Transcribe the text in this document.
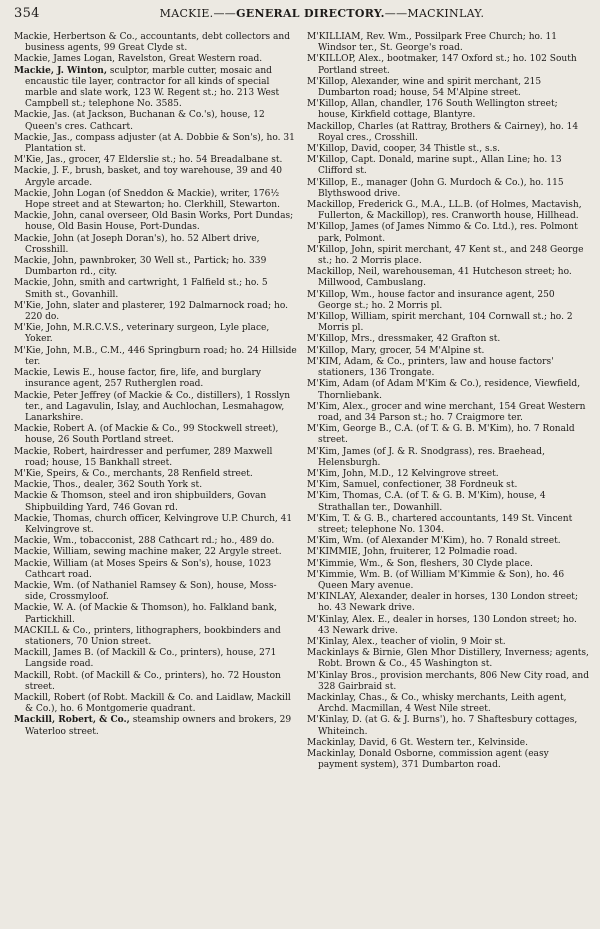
354	MACKIE.——GENERAL DIRECTORY.——MACKINLAY.

Mackie, Herbertson & Co., accountants, debt collectors and business agents, 99 Great Clyde st.

Mackie, James Logan, Ravelston, Great Western road.

Mackie, J. Winton, sculptor, marble cutter, mosaic and encaustic tile layer, contractor for all kinds of special marble and slate work, 123 W. Regent st.; ho. 213 West Campbell st.; telephone No. 3585.

Mackie, Jas. (at Jackson, Buchanan & Co.'s), house, 12 Queen's cres. Cathcart.

Mackie, Jas., compass adjuster (at A. Dobbie & Son's), ho. 31 Plantation st.

M'Kie, Jas., grocer, 47 Elderslie st.; ho. 54 Breadalbane st.

Mackie, J. F., brush, basket, and toy warehouse, 39 and 40 Argyle arcade.

Mackie, John Logan (of Sneddon & Mackie), writer, 176½ Hope street and at Stewarton; ho. Clerkhill, Stewarton.

Mackie, John, canal overseer, Old Basin Works, Port Dundas; house, Old Basin House, Port-Dundas.

Mackie, John (at Joseph Doran's), ho. 52 Albert drive, Crosshill.

Mackie, John, pawnbroker, 30 Well st., Partick; ho. 339 Dumbarton rd., city.

Mackie, John, smith and cartwright, 1 Falfield st.; ho. 5 Smith st., Govanhill.

M'Kie, John, slater and plasterer, 192 Dalmarnock road; ho. 220 do.

M'Kie, John, M.R.C.V.S., veterinary surgeon, Lyle place, Yoker.

M'Kie, John, M.B., C.M., 446 Springburn road; ho. 24 Hillside ter.

Mackie, Lewis E., house factor, fire, life, and burglary insurance agent, 257 Rutherglen road.

Mackie, Peter Jeffrey (of Mackie & Co., distillers), 1 Rosslyn ter., and Lagavulin, Islay, and Auchlochan, Lesmahagow, Lanarkshire.

Mackie, Robert A. (of Mackie & Co., 99 Stockwell street), house, 26 South Portland street.

Mackie, Robert, hairdresser and perfumer, 289 Maxwell road; house, 15 Bankhall street.

M'Kie, Speirs, & Co., merchants, 28 Renfield street.

Mackie, Thos., dealer, 362 South York st.

Mackie & Thomson, steel and iron shipbuilders, Govan Shipbuilding Yard, 746 Govan rd.

Mackie, Thomas, church officer, Kelvingrove U.P. Church, 41 Kelvingrove st.

Mackie, Wm., tobacconist, 288 Cathcart rd.; ho., 489 do.

Mackie, William, sewing machine maker, 22 Argyle street.

Mackie, William (at Moses Speirs & Son's), house, 1023 Cathcart road.

Mackie, Wm. (of Nathaniel Ramsey & Son), house, Moss-side, Crossmyloof.

Mackie, W. A. (of Mackie & Thomson), ho. Falkland bank, Partickhill.

MACKILL & Co., printers, lithographers, bookbinders and stationers, 70 Union street.

Mackill, James B. (of Mackill & Co., printers), house, 271 Langside road.

Mackill, Robt. (of Mackill & Co., printers), ho. 72 Houston street.

Mackill, Robert (of Robt. Mackill & Co. and Laidlaw, Mackill & Co.), ho. 6 Montgomerie quadrant.

Mackill, Robert, & Co., steamship owners and brokers, 29 Waterloo street.

M'KILLIAM, Rev. Wm., Possilpark Free Church; ho. 11 Windsor ter., St. George's road.

M'KILLOP, Alex., bootmaker, 147 Oxford st.; ho. 102 South Portland street.

M'Killop, Alexander, wine and spirit merchant, 215 Dumbarton road; house, 54 M'Alpine street.

M'Killop, Allan, chandler, 176 South Wellington street; house, Kirkfield cottage, Blantyre.

Mackillop, Charles (at Rattray, Brothers & Cairney), ho. 14 Royal cres., Crosshill.

M'Killop, David, cooper, 34 Thistle st., s.s.

M'Killop, Capt. Donald, marine supt., Allan Line; ho. 13 Clifford st.

M'Killop, E., manager (John G. Murdoch & Co.), ho. 115 Blythswood drive.

Mackillop, Frederick G., M.A., LL.B. (of Holmes, Mactavish, Fullerton, & Mackillop), res. Cranworth house, Hillhead.

M'Killop, James (of James Nimmo & Co. Ltd.), res. Polmont park, Polmont.

M'Killop, John, spirit merchant, 47 Kent st., and 248 George st.; ho. 2 Morris place.

Mackillop, Neil, warehouseman, 41 Hutcheson street; ho. Millwood, Cambuslang.

M'Killop, Wm., house factor and insurance agent, 250 George st.; ho. 2 Morris pl.

M'Killop, William, spirit merchant, 104 Cornwall st.; ho. 2 Morris pl.

M'Killop, Mrs., dressmaker, 42 Grafton st.

M'Killop, Mary, grocer, 54 M'Alpine st.

M'KIM, Adam, & Co., printers, law and house factors' stationers, 136 Trongate.

M'Kim, Adam (of Adam M'Kim & Co.), residence, Viewfield, Thornliebank.

M'Kim, Alex., grocer and wine merchant, 154 Great Western road, and 34 Parson st.; ho. 7 Craigmore ter.

M'Kim, George B., C.A. (of T. & G. B. M'Kim), ho. 7 Ronald street.

M'Kim, James (of J. & R. Snodgrass), res. Braehead, Helensburgh.

M'Kim, John, M.D., 12 Kelvingrove street.

M'Kim, Samuel, confectioner, 38 Fordneuk st.

M'Kim, Thomas, C.A. (of T. & G. B. M'Kim), house, 4 Strathallan ter., Dowanhill.

M'Kim, T. & G. B., chartered accountants, 149 St. Vincent street; telephone No. 1304.

M'Kim, Wm. (of Alexander M'Kim), ho. 7 Ronald street.

M'KIMMIE, John, fruiterer, 12 Polmadie road.

M'Kimmie, Wm., & Son, fleshers, 30 Clyde place.

M'Kimmie, Wm. B. (of William M'Kimmie & Son), ho. 46 Queen Mary avenue.

M'KINLAY, Alexander, dealer in horses, 130 London street; ho. 43 Newark drive.

M'Kinlay, Alex. E., dealer in horses, 130 London street; ho. 43 Newark drive.

M'Kinlay, Alex., teacher of violin, 9 Moir st.

Mackinlays & Birnie, Glen Mhor Distillery, Inverness; agents, Robt. Brown & Co., 45 Washington st.

M'Kinlay Bros., provision merchants, 806 New City road, and 328 Gairbraid st.

Mackinlay, Chas., & Co., whisky merchants, Leith agent, Archd. Macmillan, 4 West Nile street.

M'Kinlay, D. (at G. & J. Burns'), ho. 7 Shaftesbury cottages, Whiteinch.

Mackinlay, David, 6 Gt. Western ter., Kelvinside.

Mackinlay, Donald Osborne, commission agent (easy payment system), 371 Dumbarton road.
